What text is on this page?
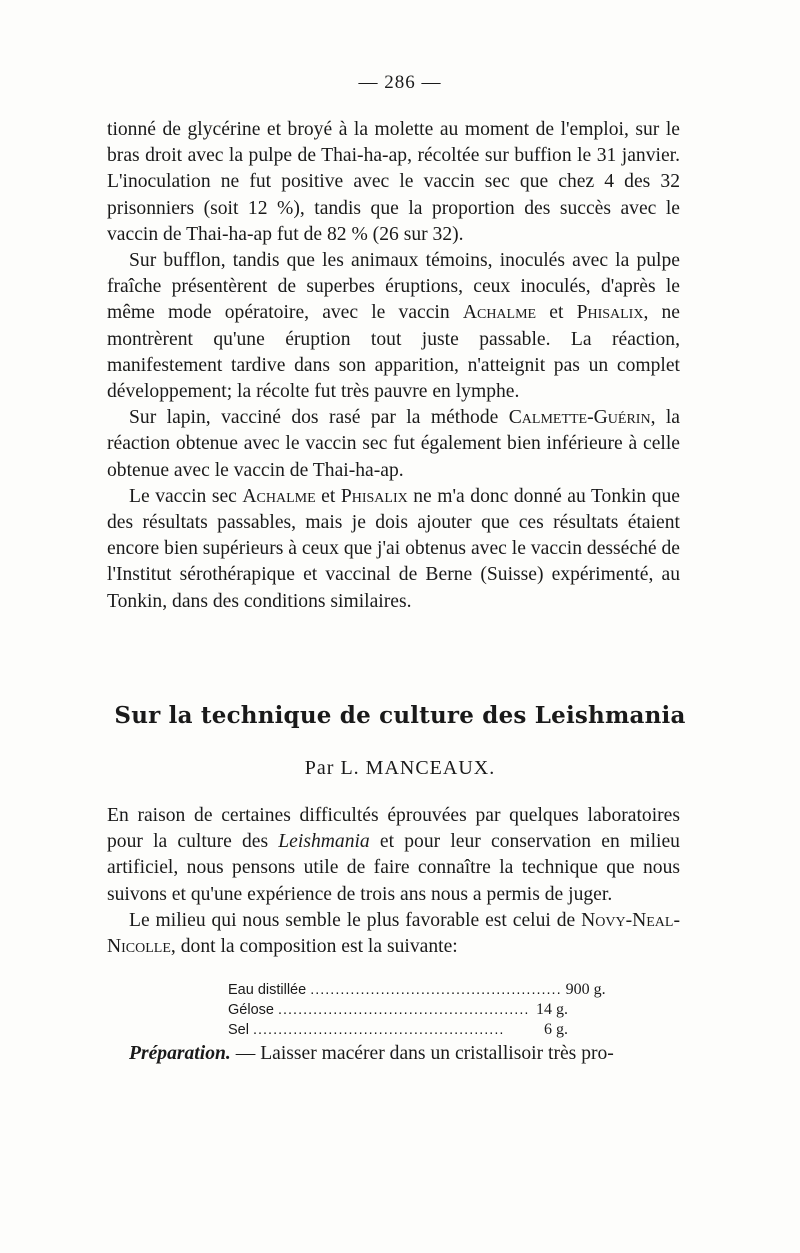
— 286 —

tionné de glycérine et broyé à la molette au moment de l'emploi, sur le bras droit avec la pulpe de Thai-ha-ap, récoltée sur buffion le 31 janvier. L'inoculation ne fut positive avec le vaccin sec que chez 4 des 32 prisonniers (soit 12 %), tandis que la proportion des succès avec le vaccin de Thai-ha-ap fut de 82 % (26 sur 32).

Sur bufflon, tandis que les animaux témoins, inoculés avec la pulpe fraîche présentèrent de superbes éruptions, ceux inoculés, d'après le même mode opératoire, avec le vaccin Achalme et Phisalix, ne montrèrent qu'une éruption tout juste passable. La réaction, manifestement tardive dans son apparition, n'atteignit pas un complet développement; la récolte fut très pauvre en lymphe.

Sur lapin, vacciné dos rasé par la méthode Calmette-Guérin, la réaction obtenue avec le vaccin sec fut également bien inférieure à celle obtenue avec le vaccin de Thai-ha-ap.

Le vaccin sec Achalme et Phisalix ne m'a donc donné au Tonkin que des résultats passables, mais je dois ajouter que ces résultats étaient encore bien supérieurs à ceux que j'ai obtenus avec le vaccin desséché de l'Institut sérothérapique et vaccinal de Berne (Suisse) expérimenté, au Tonkin, dans des conditions similaires.

Sur la technique de culture des Leishmania
Par L. MANCEAUX.

En raison de certaines difficultés éprouvées par quelques laboratoires pour la culture des Leishmania et pour leur conservation en milieu artificiel, nous pensons utile de faire connaître la technique que nous suivons et qu'une expérience de trois ans nous a permis de juger.

Le milieu qui nous semble le plus favorable est celui de Novy-Neal-Nicolle, dont la composition est la suivante:

Eau distillée .................................................. 900 g.
Gélose .................................................. 14 g.
Sel ..................................................	6 g.

Préparation. — Laisser macérer dans un cristallisoir très pro-
